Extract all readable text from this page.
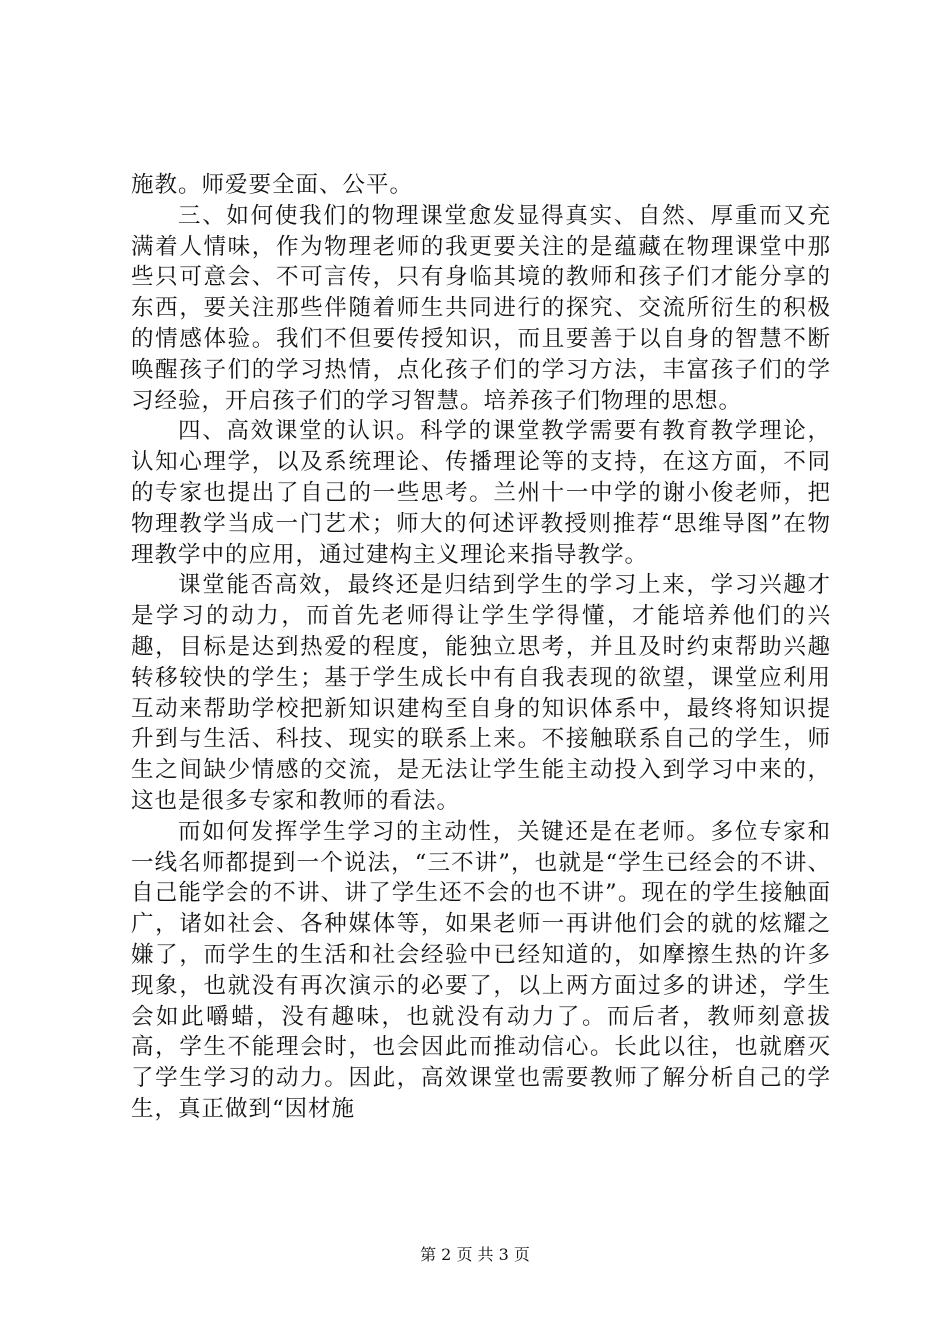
施教。师爱要全面、公平。

三、如何使我们的物理课堂愈发显得真实、自然、厚重而又充满着人情味，作为物理老师的我更要关注的是蕴藏在物理课堂中那些只可意会、不可言传，只有身临其境的教师和孩子们才能分享的东西，要关注那些伴随着师生共同进行的探究、交流所衍生的积极的情感体验。我们不但要传授知识，而且要善于以自身的智慧不断唤醒孩子们的学习热情，点化孩子们的学习方法，丰富孩子们的学习经验，开启孩子们的学习智慧。培养孩子们物理的思想。

四、高效课堂的认识。科学的课堂教学需要有教育教学理论，认知心理学，以及系统理论、传播理论等的支持，在这方面，不同的专家也提出了自己的一些思考。兰州十一中学的谢小俊老师，把物理教学当成一门艺术；师大的何述评教授则推荐“思维导图”在物理教学中的应用，通过建构主义理论来指导教学。

课堂能否高效，最终还是归结到学生的学习上来，学习兴趣才是学习的动力，而首先老师得让学生学得懂，才能培养他们的兴趣，目标是达到热爱的程度，能独立思考，并且及时约束帮助兴趣转移较快的学生；基于学生成长中有自我表现的欲望，课堂应利用互动来帮助学校把新知识建构至自身的知识体系中，最终将知识提升到与生活、科技、现实的联系上来。不接触联系自己的学生，师生之间缺少情感的交流，是无法让学生能主动投入到学习中来的，这也是很多专家和教师的看法。

而如何发挥学生学习的主动性，关键还是在老师。多位专家和一线名师都提到一个说法，“三不讲”，也就是“学生已经会的不讲、自己能学会的不讲、讲了学生还不会的也不讲”。现在的学生接触面广，诸如社会、各种媒体等，如果老师一再讲他们会的就的炫耀之嫌了，而学生的生活和社会经验中已经知道的，如摩擦生热的许多现象，也就没有再次演示的必要了，以上两方面过多的讲述，学生会如此嚼蜡，没有趣味，也就没有动力了。而后者，教师刻意拔高，学生不能理会时，也会因此而推动信心。长此以往，也就磨灭了学生学习的动力。因此，高效课堂也需要教师了解分析自己的学生，真正做到“因材施

第 2 页 共 3 页
